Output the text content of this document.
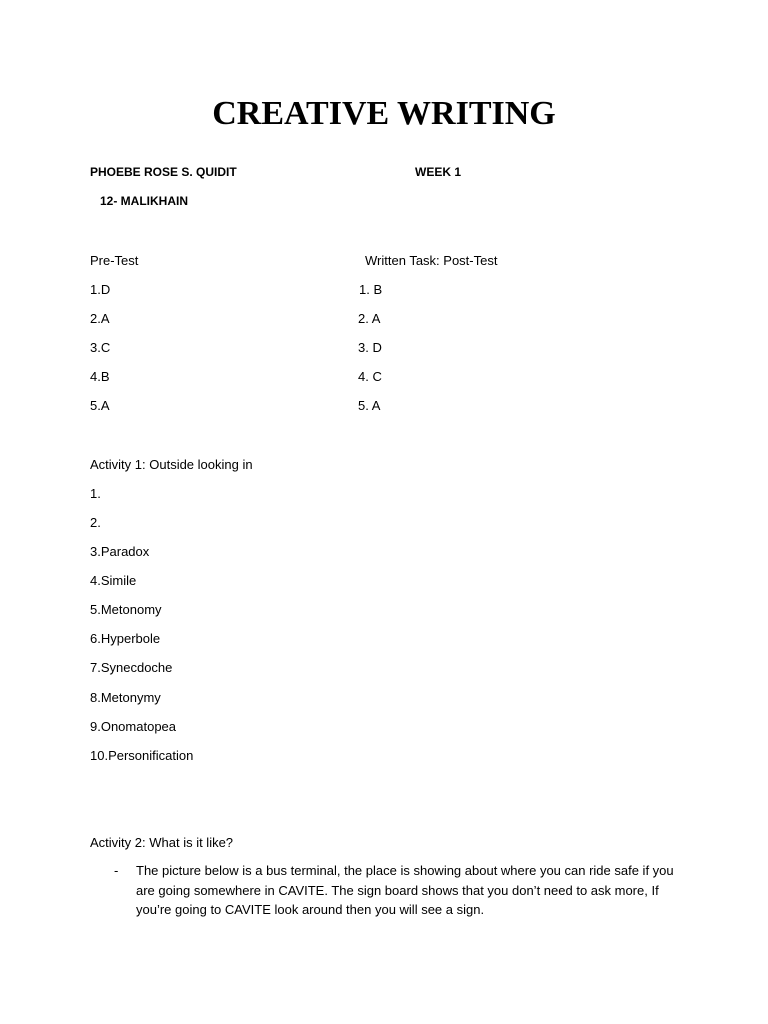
CREATIVE WRITING
PHOEBE ROSE S. QUIDIT	WEEK 1
12- MALIKHAIN
Pre-Test
1.D
2.A
3.C
4.B
5.A
Written Task: Post-Test
1. B
2. A
3. D
4. C
5. A
Activity 1: Outside looking in
1.
2.
3.Paradox
4.Simile
5.Metonomy
6.Hyperbole
7.Synecdoche
8.Metonymy
9.Onomatopea
10.Personification
Activity 2: What is it like?
- The picture below is a bus terminal, the place is showing about where you can ride safe if you are going somewhere in CAVITE. The sign board shows that you don’t need to ask more, If you’re going to CAVITE look around then you will see a sign.
